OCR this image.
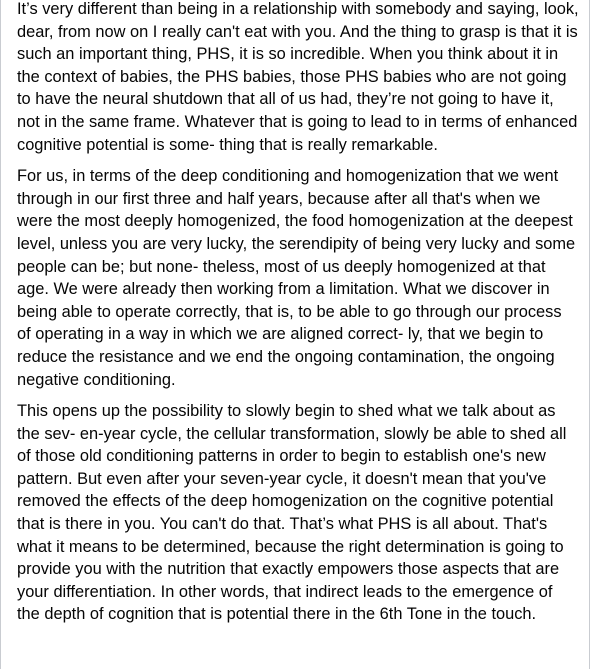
It’s very different than being in a relationship with somebody and saying, look, dear, from now on I really can't eat with you. And the thing to grasp is that it is such an important thing, PHS, it is so incredible. When you think about it in the context of babies, the PHS babies, those PHS babies who are not going to have the neural shutdown that all of us had, they’re not going to have it, not in the same frame. Whatever that is going to lead to in terms of enhanced cognitive potential is some- thing that is really remarkable.

For us, in terms of the deep conditioning and homogenization that we went through in our first three and half years, because after all that's when we were the most deeply homogenized, the food homogenization at the deepest level, unless you are very lucky, the serendipity of being very lucky and some people can be; but none- theless, most of us deeply homogenized at that age. We were already then working from a limitation. What we discover in being able to operate correctly, that is, to be able to go through our process of operating in a way in which we are aligned correct- ly, that we begin to reduce the resistance and we end the ongoing contamination, the ongoing negative conditioning.

This opens up the possibility to slowly begin to shed what we talk about as the sev- en-year cycle, the cellular transformation, slowly be able to shed all of those old conditioning patterns in order to begin to establish one's new pattern. But even after your seven-year cycle, it doesn't mean that you've removed the effects of the deep homogenization on the cognitive potential that is there in you. You can't do that. That’s what PHS is all about. That's what it means to be determined, because the right determination is going to provide you with the nutrition that exactly empowers those aspects that are your differentiation. In other words, that indirect leads to the emergence of the depth of cognition that is potential there in the 6th Tone in the touch.
